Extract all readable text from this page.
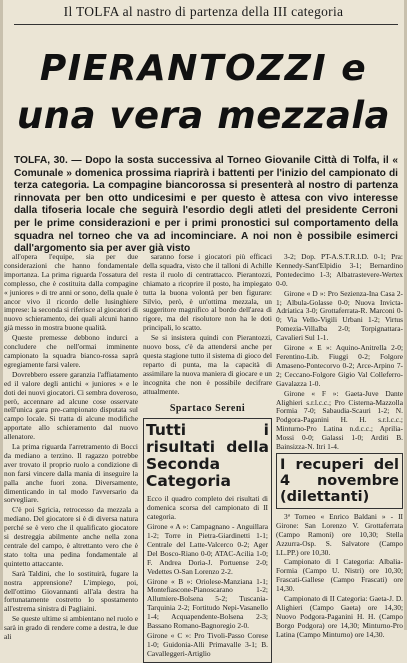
Il TOLFA al nastro di partenza della III categoria
PIERANTOZZI e
una vera mezzala
TOLFA, 30. — Dopo la sosta successiva al Torneo Giovanile Città di Tolfa, il « Comunale » domenica prossima riaprirà i battenti per l'inizio del campionato di terza categoria. La compagine biancorossa si presenterà al nostro di partenza rinnovata per ben otto undicesimi e per questo è attesa con vivo interesse dalla tifoseria locale che seguirà l'esordio degli atleti del presidente Cerroni per le prime considerazioni e per i primi pronostici sul comportamento della squadra nel torneo che va ad incominciare. A noi non è possibile esimerci dall'argomento sia per aver già visto

all'opera l'equipe, sia per due considerazioni che hanno fondamentale importanza. La prima riguarda l'ossatura del complesso, che è costituita dalla compagine « juniores » di tre anni or sono, della quale è ancor vivo il ricordo delle lusinghiere imprese: la seconda si riferisce al giocatori di nuovo schieramento, dei quali alcuni hanno già messo in mostra buone qualità.

Queste premesse debbono indurci a concludere che nell'ormai imminente campionato la squadra bianco-rossa saprà egregiamente farsi valere.

Dovrebbero essere garanzia l'affiatamento ed il valore degli antichi « juniores » e le doti dei nuovi giocatori. Ci sembra doveroso, però, accennare ad alcune cose osservate nell'unica gara pre-campionato disputata sul campo locale. Si tratta di alcune modifiche apportate allo schieramento dal nuovo allenatore.

La prima riguarda l'arretramento di Bocci da mediano a terzino. Il ragazzo potrebbe aver trovato il proprio ruolo a condizione di non farsi vincere dalla mania di inseguire la palla anche fuori zona. Diversamente, dimenticando in tal modo l'avversario da sorvegliare.

C'è poi Sgricia, retrocesso da mezzala a mediano. Del giocatore si è di diversa natura perché se è vero che il qualificato giocatore si destreggia abilmente anche nella zona centrale del campo, è altrettanto vero che è stato tolta una pedina fondamentale al quintetto attaccante.

Sarà Taldini, che lo sostituirà, fugare la nostra apprensione? L'impiego, poi, dell'ottimo Giovannanti all'ala destra ha fortunatamente costretto lo spostamento all'estrema sinistra di Pagliaini.

Se queste ultime si ambientano nel ruolo e sarà in grado di rendere come a destra, le due ali

saranno forse i giocatori più efficaci della squadra, visto che il talloni di Achille resta il ruolo di centrattacco. Pierantozzi, chiamato a ricoprire il posto, ha impiegato tutta la buona volontà per ben figurare: Silvio, però, è un'ottima mezzala, un suggeritore magnifico al bordo dell'area di rigore, ma del risolutore non ha le doti principali, lo scatto.

Se si insistera quindi con Pierantozzi, nuovo boss, c'è da attendersi anche per questa stagione tutto il sistema di gioco del reparto di punta, ma la capacità di assimilare la nuova maniera di giocare e un incognita che non è possibile decifrare attualmente.

Spartaco Sereni
Tutti i risultati della Seconda Categoria

Ecco il quadro completo dei risultati di domenica scorsa del campionato di II categoria.

Girone « A »: Campagnano - Anguillara 1-2; Torre in Pietra-Giardinetti 1-1; Centrale del Latte-Valcerco 0-2; Ager Del Bosco-Riano 0-0; ATAC-Acilia 1-0; F. Andrea Doria-J. Portuense 2-0; Vedettes O-San Lorenzo 2-2.

Girone « B »: Oriolese-Manziana 1-1; Montefiascone-Pianoscarano 1-2; Allumiere-Bolsena 5-2; Tuscania-Tarquinia 2-2; Fortitudo Nepi-Vasanello 1-4; Acquapendente-Bolsena 2-3; Bassano Romano-Bagnoregio 2-0.

Girone « C »: Pro Tivoli-Passo Corese 1-0; Guidonia-Alli Primavalle 3-1; B. Cavalleggeri-Artiglio

3-2; Dop. PT-A.S.T.R.I.D. 0-1; Pra: Kennedy-Sant'Elpidio 3-1; Bernardino Pontedecimo 1-3; Albatrastevere-Wertex 0-0.

Girone « D »: Pro Sezienza-Ina Casa 2-1; Albula-Golasse 0-0; Nuova Invicta-Adriatica 3-0; Grottaferrata-R. Marconi 0-0; Via Vello-Vigili Urbani 1-2; Virtus Pomezia-Villalba 2-0; Torpignattara-Cavalieri Sul 1-1.

Girone « E »: Aquino-Anitrella 2-0; Ferentino-Lib. Fiuggi 0-2; Folgore Amaseno-Pontecorvo 0-2; Arce-Arpino 7-2; Ceccano-Folgore Gigio Val Colleferro-Gavalazza 1-0.

Girone « F »: Gaeta-Juve Dante Alighieri s.r.l.c.c.; Pro Cisterna-Mazzolla Formia 7-0; Sabaudia-Scauri 1-2; N. Podgora-Paganini H. H. s.r.l.c.c.; Minturno-Pro Latina n.d.c.c.; Aprilia-Mossi 0-0; Galassi 1-0; Arditi B. Bainsizza-N. Itri 1-4.

I recuperi del 4 novembre (dilettanti)

3ª Torneo « Enrico Baldani » - II Girone: San Lorenzo V. Grottaferrata (Campo Ramoni) ore 10,30; Stella Azzurra-Osp. S. Salvatore (Campo LL.PP.) ore 10,30.

Campionato di I Categoria: Albalia-Formia (Campo U. Nistri) ore 10,30; Frascati-Gallese (Campo Frascati) ore 14,30.

Campionato di II Categoria: Gaeta-J. D. Alighieri (Campo Gaeta) ore 14,30; Nuovo Podgora-Paganini H. H. (Campo Borgo Podgora) ore 14,30; Minturno-Pro Latina (Campo Minturno) ore 14,30.
